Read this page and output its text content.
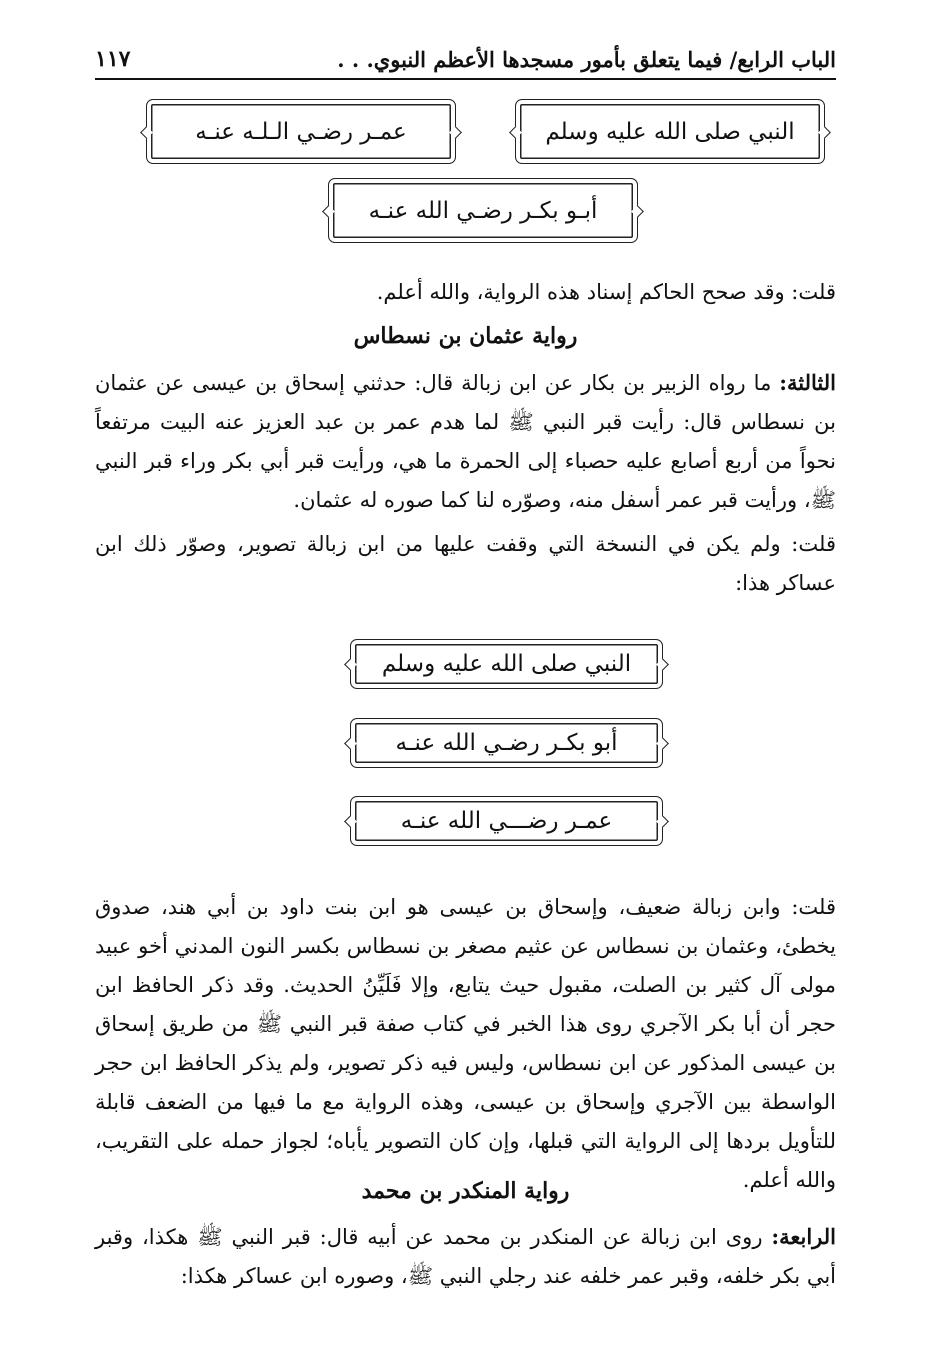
الباب الرابع/ فيما يتعلق بأمور مسجدها الأعظم النبوي. . .
١١٧
النبي صلى الله عليه وسلم
عمـر رضـي الـلـه عنـه
أبـو بكـر رضـي الله عنـه
قلت: وقد صحح الحاكم إسناد هذه الرواية، والله أعلم.
رواية عثمان بن نسطاس
الثالثة: ما رواه الزبير بن بكار عن ابن زبالة قال: حدثني إسحاق بن عيسى عن عثمان بن نسطاس قال: رأيت قبر النبي ﷺ لما هدم عمر بن عبد العزيز عنه البيت مرتفعاً نحواً من أربع أصابع عليه حصباء إلى الحمرة ما هي، ورأيت قبر أبي بكر وراء قبر النبي ﷺ، ورأيت قبر عمر أسفل منه، وصوّره لنا كما صوره له عثمان.
قلت: ولم يكن في النسخة التي وقفت عليها من ابن زبالة تصوير، وصوّر ذلك ابن عساكر هذا:
النبي صلى الله عليه وسلم
أبو بكـر رضـي الله عنـه
عمـر رضـــي الله عنـه
قلت: وابن زبالة ضعيف، وإسحاق بن عيسى هو ابن بنت داود بن أبي هند، صدوق يخطئ، وعثمان بن نسطاس عن عثيم مصغر بن نسطاس بكسر النون المدني أخو عبيد مولى آل كثير بن الصلت، مقبول حيث يتابع، وإلا فَلَيِّنُ الحديث. وقد ذكر الحافظ ابن حجر أن أبا بكر الآجري روى هذا الخبر في كتاب صفة قبر النبي ﷺ من طريق إسحاق بن عيسى المذكور عن ابن نسطاس، وليس فيه ذكر تصوير، ولم يذكر الحافظ ابن حجر الواسطة بين الآجري وإسحاق بن عيسى، وهذه الرواية مع ما فيها من الضعف قابلة للتأويل بردها إلى الرواية التي قبلها، وإن كان التصوير يأباه؛ لجواز حمله على التقريب، والله أعلم.
رواية المنكدر بن محمد
الرابعة: روى ابن زبالة عن المنكدر بن محمد عن أبيه قال: قبر النبي ﷺ هكذا، وقبر أبي بكر خلفه، وقبر عمر خلفه عند رجلي النبي ﷺ، وصوره ابن عساكر هكذا:
